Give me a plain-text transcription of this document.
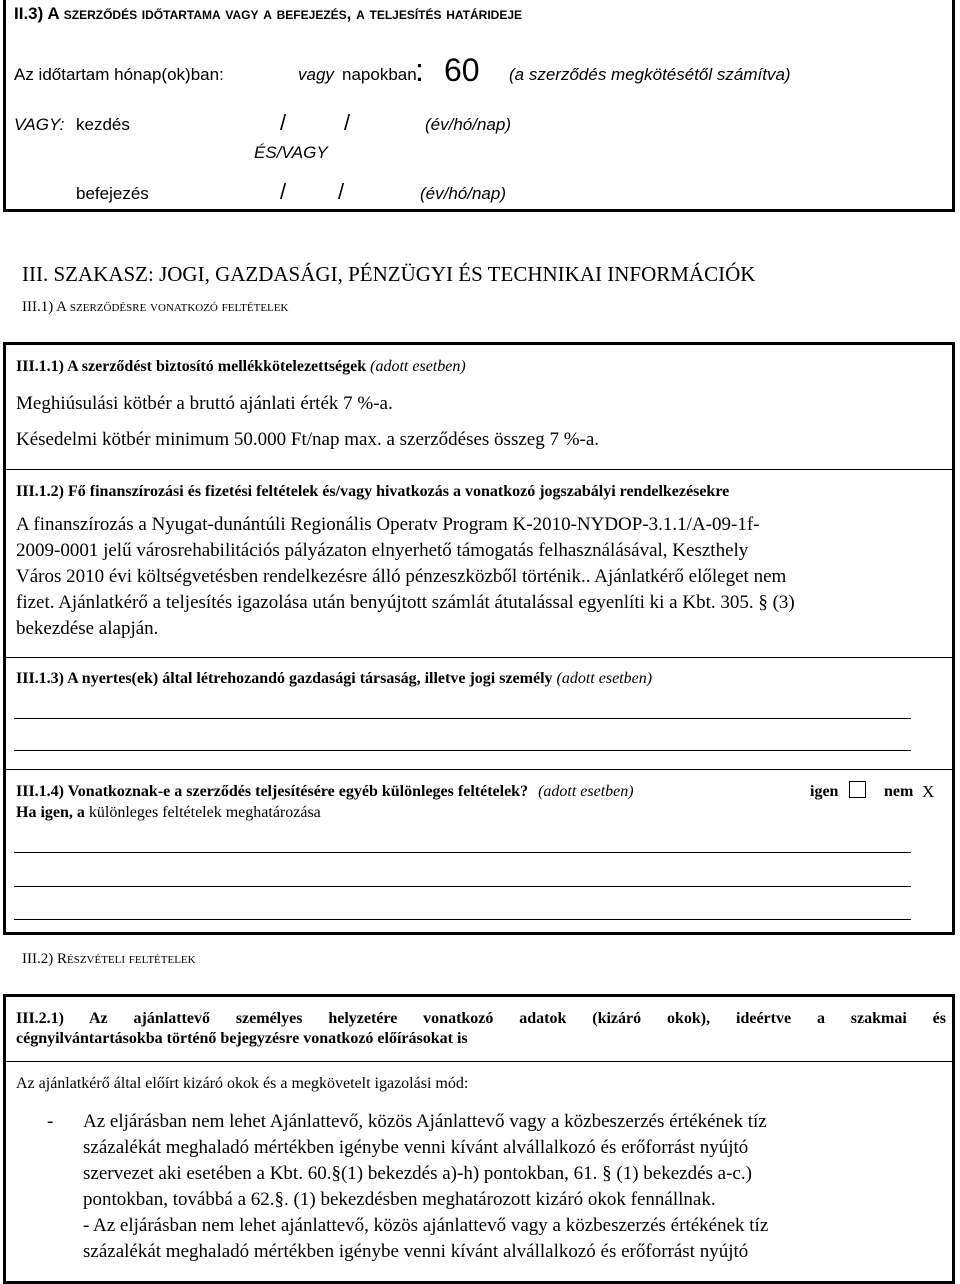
II.3) A szerződés időtartama vagy a befejezés, a teljesítés határideje
Az időtartam hónap(ok)ban:	vagy napokban
: 60 (a szerződés megkötésétől számítva)
VAGY: kezdés	/	/	(év/hó/nap)
ÉS/VAGY
befejezés	/ /	(év/hó/nap)
III. SZAKASZ: JOGI, GAZDASÁGI, PÉNZÜGYI ÉS TECHNIKAI INFORMÁCIÓK
III.1) A szerződésre vonatkozó feltételek
III.1.1) A szerződést biztosító mellékkötelezettségek (adott esetben)
Meghiúsulási kötbér a bruttó ajánlati érték 7 %-a.
Késedelmi kötbér minimum 50.000 Ft/nap max. a szerződéses összeg 7 %-a.
III.1.2) Fő finanszírozási és fizetési feltételek és/vagy hivatkozás a vonatkozó jogszabályi rendelkezésekre
A finanszírozás a Nyugat-dunántúli Regionális Operatv Program K-2010-NYDOP-3.1.1/A-09-1f-
2009-0001 jelű városrehabilitációs pályázaton elnyerhető támogatás felhasználásával, Keszthely
Város 2010 évi költségvetésben rendelkezésre álló pénzeszközből történik.. Ajánlatkérő előleget nem
fizet. Ajánlatkérő a teljesítés igazolása után benyújtott számlát átutalással egyenlíti ki a Kbt. 305. § (3)
bekezdése alapján.
III.1.3) A nyertes(ek) által létrehozandó gazdasági társaság, illetve jogi személy (adott esetben)
III.1.4) Vonatkoznak-e a szerződés teljesítésére egyéb különleges feltételek? (adott esetben)	igen	nem X
Ha igen, a különleges feltételek meghatározása
III.2) Részvételi feltételek
III.2.1) Az ajánlattevő személyes helyzetére vonatkozó adatok (kizáró okok), ideértve a szakmai és
cégnyilvántartásokba történő bejegyzésre vonatkozó előírásokat is
Az ajánlatkérő által előírt kizáró okok és a megkövetelt igazolási mód:
- Az eljárásban nem lehet Ajánlattevő, közös Ajánlattevő vagy a közbeszerzés értékének tíz
százalékát meghaladó mértékben igénybe venni kívánt alvállalkozó és erőforrást nyújtó
szervezet aki esetében a Kbt. 60.§(1) bekezdés a)-h) pontokban, 61. § (1) bekezdés a-c.)
pontokban, továbbá a 62.§. (1) bekezdésben meghatározott kizáró okok fennállnak.
- Az eljárásban nem lehet ajánlattevő, közös ajánlattevő vagy a közbeszerzés értékének tíz
százalékát meghaladó mértékben igénybe venni kívánt alvállalkozó és erőforrást nyújtó
